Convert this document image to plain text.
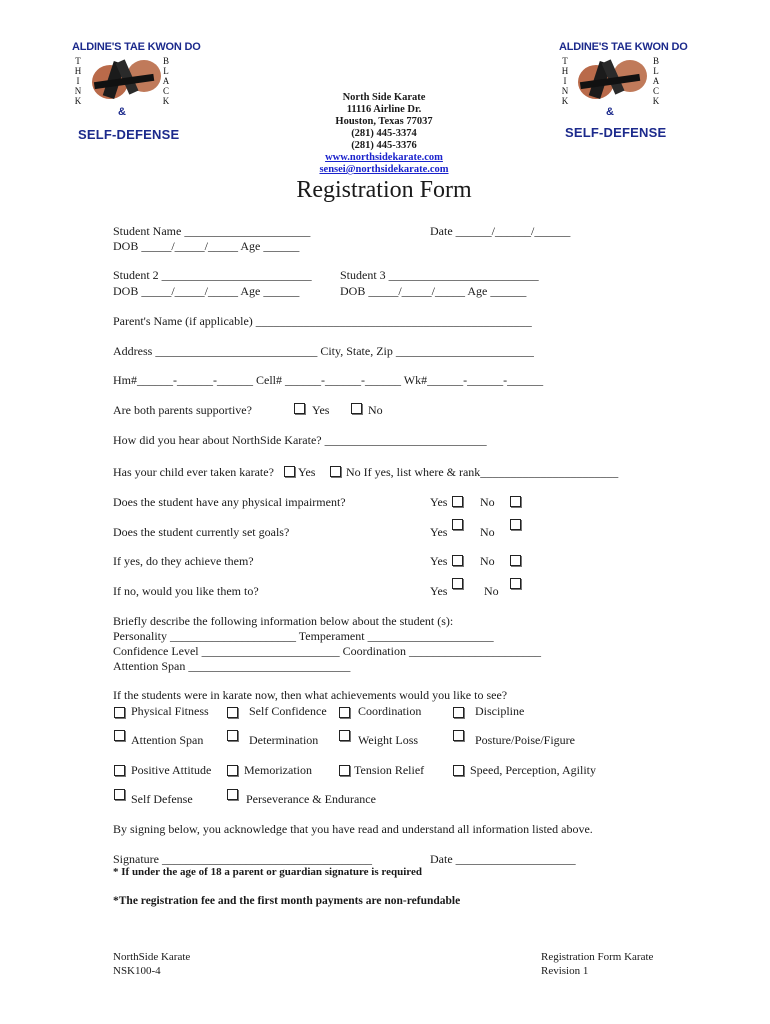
ALDINE'S TAE KWON DO
T
H
I
N
K
B
L
A
C
K
&
SELF-DEFENSE
ALDINE'S TAE KWON DO
T
H
I
N
K
B
L
A
C
K
&
SELF-DEFENSE
North Side Karate
11116 Airline Dr.
Houston, Texas 77037
(281) 445-3374
(281) 445-3376
www.northsidekarate.com
sensei@northsidekarate.com
Registration Form
Student Name _____________________	Date ______/______/______
DOB _____/_____/_____ Age ______
Student 2 _________________________ Student 3 _________________________
DOB _____/_____/_____ Age ______	DOB _____/_____/_____ Age ______
Parent's Name (if applicable) ______________________________________________
Address ___________________________ City, State, Zip _______________________
Hm#______-______-______ Cell# ______-______-______ Wk#______-______-______
Are both parents supportive?	Yes	No
How did you hear about NorthSide Karate? ___________________________
Has your child ever taken karate? Yes	No If yes, list where & rank_______________________
Does the student have any physical impairment?	Yes	No
Does the student currently set goals?	Yes	No
If yes, do they achieve them?	Yes	No
If no, would you like them to?	Yes	No
Briefly describe the following information below about the student (s):
Personality _____________________ Temperament _____________________
Confidence Level _______________________ Coordination ______________________
Attention Span ___________________________
If the students were in karate now, then what achievements would you like to see?
Physical Fitness	Self Confidence	Coordination	Discipline
Attention Span	Determination	Weight Loss	Posture/Poise/Figure
Positive Attitude	Memorization	Tension Relief	Speed, Perception, Agility
Self Defense	Perseverance & Endurance
By signing below, you acknowledge that you have read and understand all information listed above.
Signature ___________________________________	Date ____________________
* If under the age of 18 a parent or guardian signature is required
*The registration fee and the first month payments are non-refundable
NorthSide Karate
NSK100-4
Registration Form Karate
Revision 1
